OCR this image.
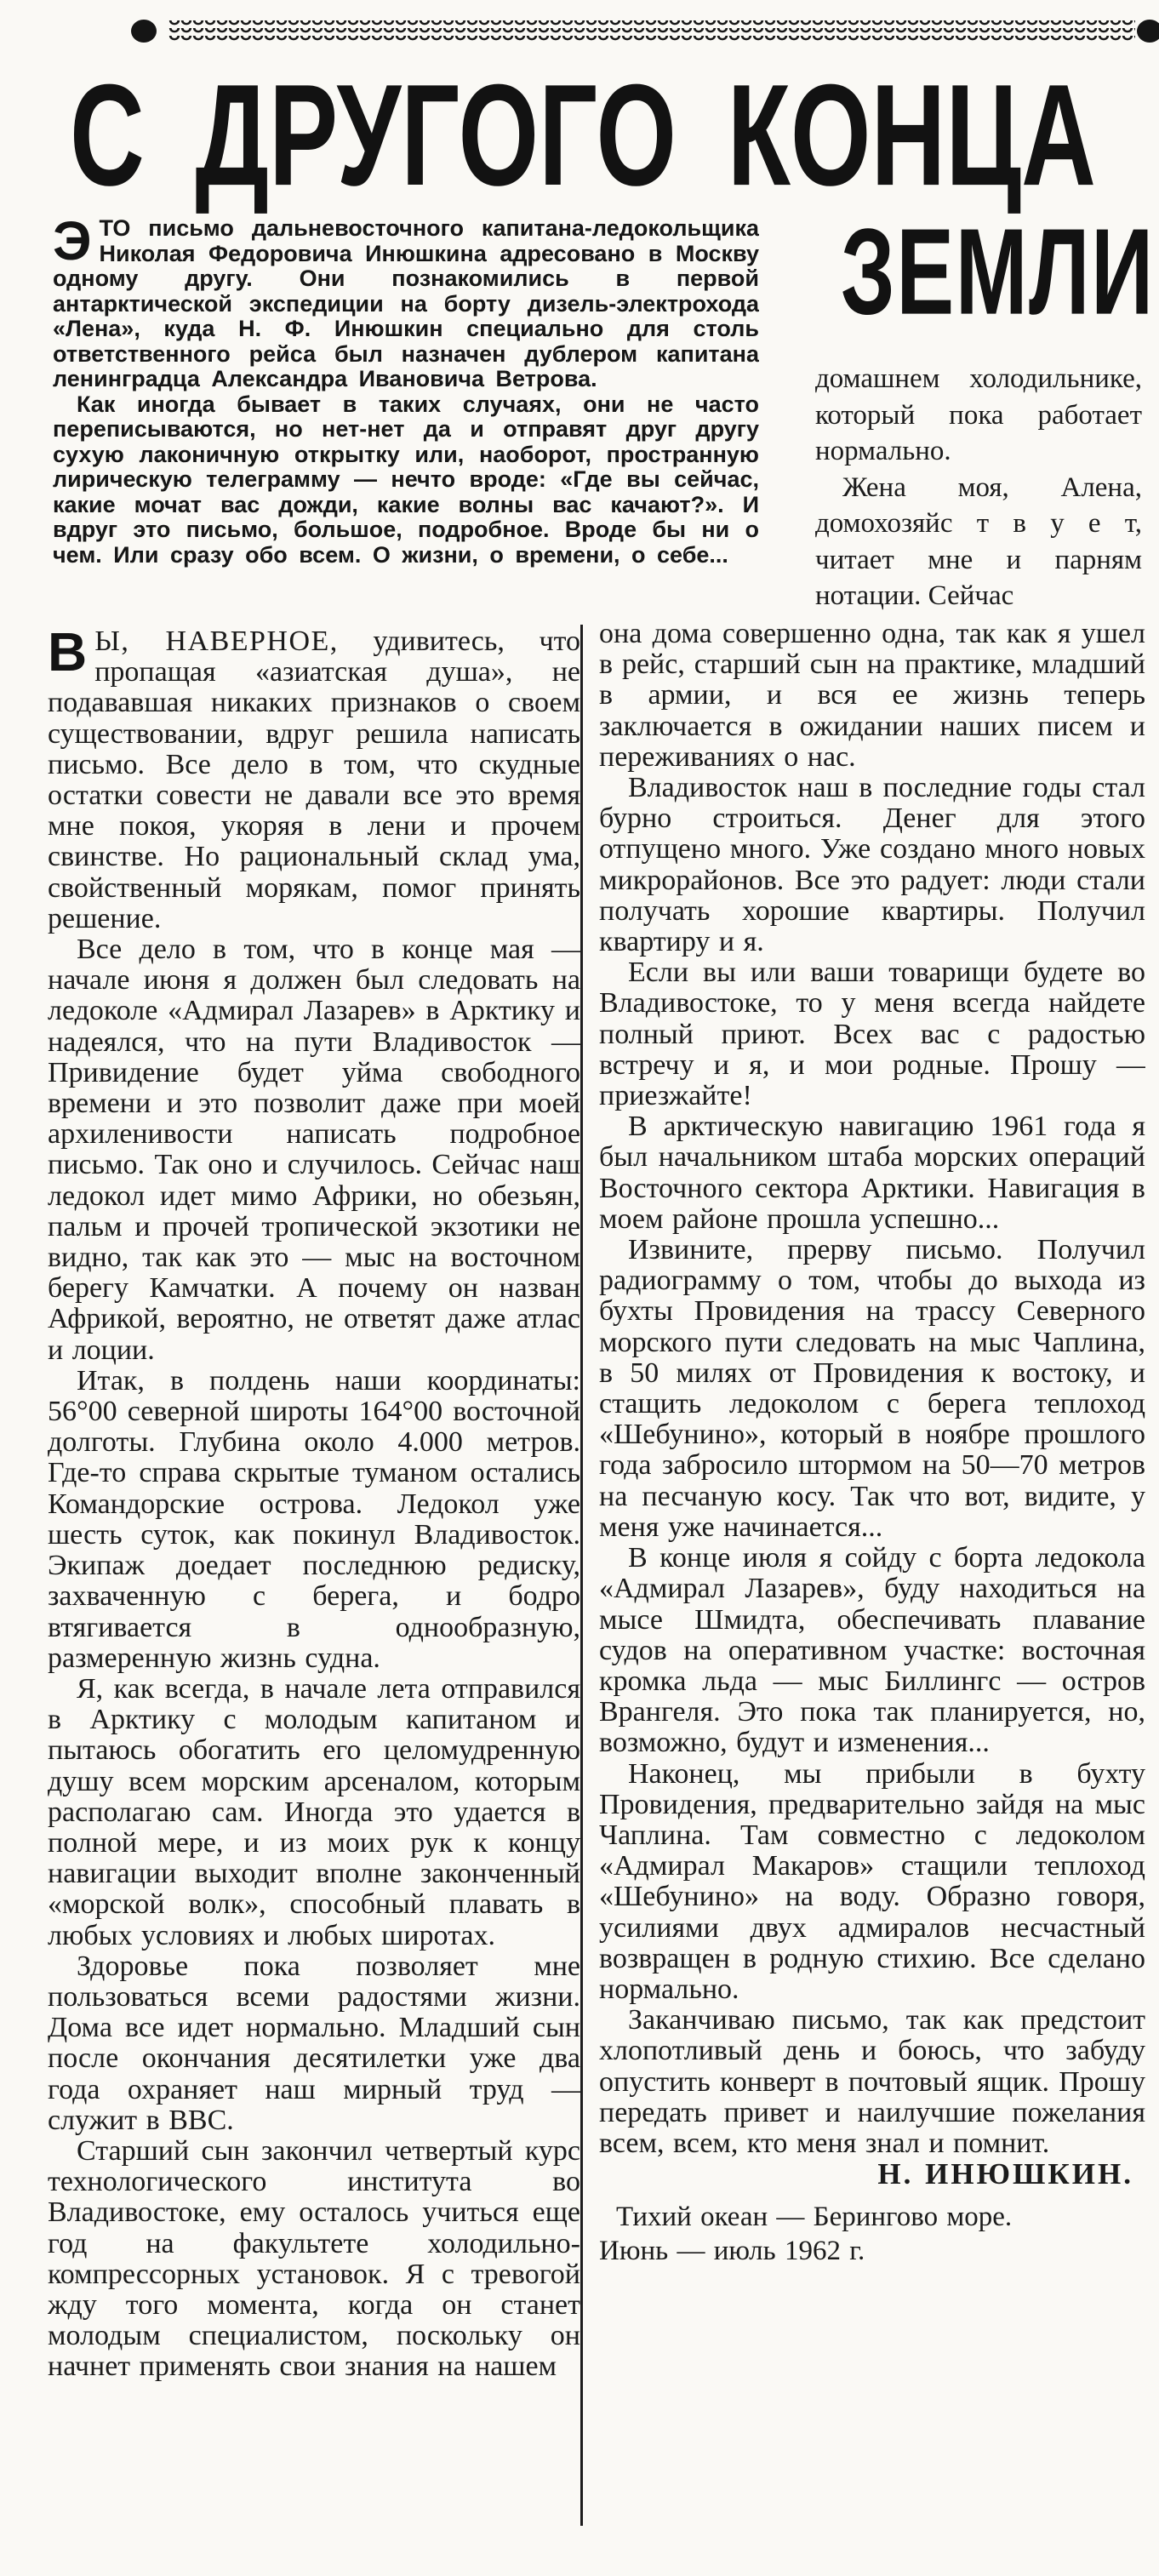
С ДРУГОГО КОНЦА
ЗЕМЛИ

ЭТО письмо дальневосточного капитана-ледокольщика Николая Федоровича Инюшкина адресовано в Москву одному другу. Они познакомились в первой антарктической экспедиции на борту дизель-электрохода «Лена», куда Н. Ф. Инюшкин специально для столь ответственного рейса был назначен дублером капитана ленинградца Александра Ивановича Ветрова.

Как иногда бывает в таких случаях, они не часто переписываются, но нет-нет да и отправят друг другу сухую лаконичную открытку или, наоборот, пространную лирическую телеграмму — нечто вроде: «Где вы сейчас, какие мочат вас дожди, какие волны вас качают?». И вдруг это письмо, большое, подробное. Вроде бы ни о чем. Или сразу обо всем. О жизни, о времени, о себе...

домашнем холодильнике, который пока работает нормально.

Жена моя, Алена, домохозяйс т в у е т, читает мне и парням нотации. Сейчас

В Ы, НАВЕРНОЕ, удивитесь, что пропащая «азиатская душа», не подававшая никаких признаков о своем существовании, вдруг решила написать письмо. Все дело в том, что скудные остатки совести не давали все это время мне покоя, укоряя в лени и прочем свинстве. Но рациональный склад ума, свойственный морякам, помог принять решение.

Все дело в том, что в конце мая — начале июня я должен был следовать на ледоколе «Адмирал Лазарев» в Арктику и надеялся, что на пути Владивосток — Привидение будет уйма свободного времени и это позволит даже при моей архиленивости написать подробное письмо. Так оно и случилось. Сейчас наш ледокол идет мимо Африки, но обезьян, пальм и прочей тропической экзотики не видно, так как это — мыс на восточном берегу Камчатки. А почему он назван Африкой, вероятно, не ответят даже атлас и лоции.

Итак, в полдень наши координаты: 56°00 северной широты 164°00 восточной долготы. Глубина около 4.000 метров. Где-то справа скрытые туманом остались Командорские острова. Ледокол уже шесть суток, как покинул Владивосток. Экипаж доедает последнюю редиску, захваченную с берега, и бодро втягивается в однообразную, размеренную жизнь судна.

Я, как всегда, в начале лета отправился в Арктику с молодым капитаном и пытаюсь обогатить его целомудренную душу всем морским арсеналом, которым располагаю сам. Иногда это удается в полной мере, и из моих рук к концу навигации выходит вполне законченный «морской волк», способный плавать в любых условиях и любых широтах.

Здоровье пока позволяет мне пользоваться всеми радостями жизни. Дома все идет нормально. Младший сын после окончания десятилетки уже два года охраняет наш мирный труд — служит в ВВС.

Старший сын закончил четвертый курс технологического института во Владивостоке, ему осталось учиться еще год на факультете холодильно-компрессорных установок. Я с тревогой жду того момента, когда он станет молодым специалистом, поскольку он начнет применять свои знания на нашем

она дома совершенно одна, так как я ушел в рейс, старший сын на практике, младший в армии, и вся ее жизнь теперь заключается в ожидании наших писем и переживаниях о нас.

Владивосток наш в последние годы стал бурно строиться. Денег для этого отпущено много. Уже создано много новых микрорайонов. Все это радует: люди стали получать хорошие квартиры. Получил квартиру и я.

Если вы или ваши товарищи будете во Владивостоке, то у меня всегда найдете полный приют. Всех вас с радостью встречу и я, и мои родные. Прошу — приезжайте!

В арктическую навигацию 1961 года я был начальником штаба морских операций Восточного сектора Арктики. Навигация в моем районе прошла успешно...

Извините, прерву письмо. Получил радиограмму о том, чтобы до выхода из бухты Провидения на трассу Северного морского пути следовать на мыс Чаплина, в 50 милях от Провидения к востоку, и стащить ледоколом с берега теплоход «Шебунино», который в ноябре прошлого года забросило штормом на 50—70 метров на песчаную косу. Так что вот, видите, у меня уже начинается...

В конце июля я сойду с борта ледокола «Адмирал Лазарев», буду находиться на мысе Шмидта, обеспечивать плавание судов на оперативном участке: восточная кромка льда — мыс Биллингс — остров Врангеля. Это пока так планируется, но, возможно, будут и изменения...

Наконец, мы прибыли в бухту Провидения, предварительно зайдя на мыс Чаплина. Там совместно с ледоколом «Адмирал Макаров» стащили теплоход «Шебунино» на воду. Образно говоря, усилиями двух адмиралов несчастный возвращен в родную стихию. Все сделано нормально.

Заканчиваю письмо, так как предстоит хлопотливый день и боюсь, что забуду опустить конверт в почтовый ящик. Прошу передать привет и наилучшие пожелания всем, всем, кто меня знал и помнит.

Н. ИНЮШКИН.

Тихий океан — Берингово море.

Июнь — июль 1962 г.
